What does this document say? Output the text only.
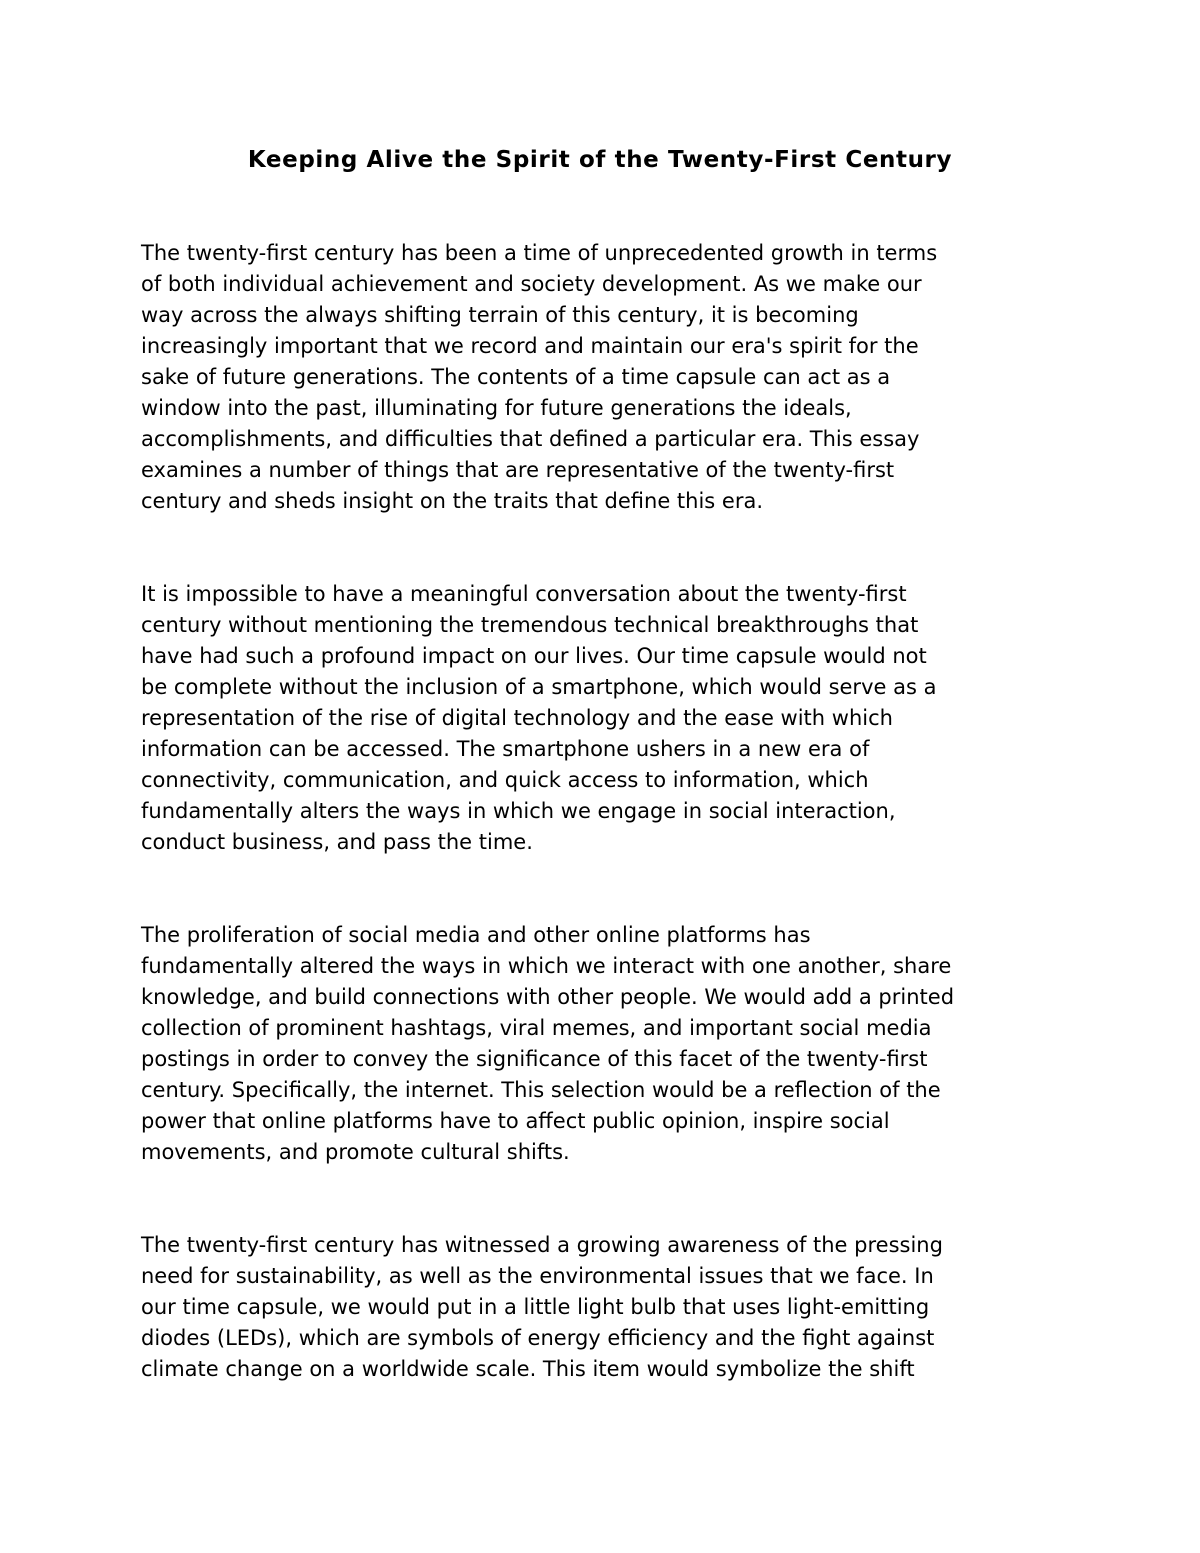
Keeping Alive the Spirit of the Twenty-First Century

The twenty-first century has been a time of unprecedented growth in terms
of both individual achievement and society development. As we make our
way across the always shifting terrain of this century, it is becoming
increasingly important that we record and maintain our era's spirit for the
sake of future generations. The contents of a time capsule can act as a
window into the past, illuminating for future generations the ideals,
accomplishments, and difficulties that defined a particular era. This essay
examines a number of things that are representative of the twenty-first
century and sheds insight on the traits that define this era.

It is impossible to have a meaningful conversation about the twenty-first
century without mentioning the tremendous technical breakthroughs that
have had such a profound impact on our lives. Our time capsule would not
be complete without the inclusion of a smartphone, which would serve as a
representation of the rise of digital technology and the ease with which
information can be accessed. The smartphone ushers in a new era of
connectivity, communication, and quick access to information, which
fundamentally alters the ways in which we engage in social interaction,
conduct business, and pass the time.

The proliferation of social media and other online platforms has
fundamentally altered the ways in which we interact with one another, share
knowledge, and build connections with other people. We would add a printed
collection of prominent hashtags, viral memes, and important social media
postings in order to convey the significance of this facet of the twenty-first
century. Specifically, the internet. This selection would be a reflection of the
power that online platforms have to affect public opinion, inspire social
movements, and promote cultural shifts.

The twenty-first century has witnessed a growing awareness of the pressing
need for sustainability, as well as the environmental issues that we face. In
our time capsule, we would put in a little light bulb that uses light-emitting
diodes (LEDs), which are symbols of energy efficiency and the fight against
climate change on a worldwide scale. This item would symbolize the shift
